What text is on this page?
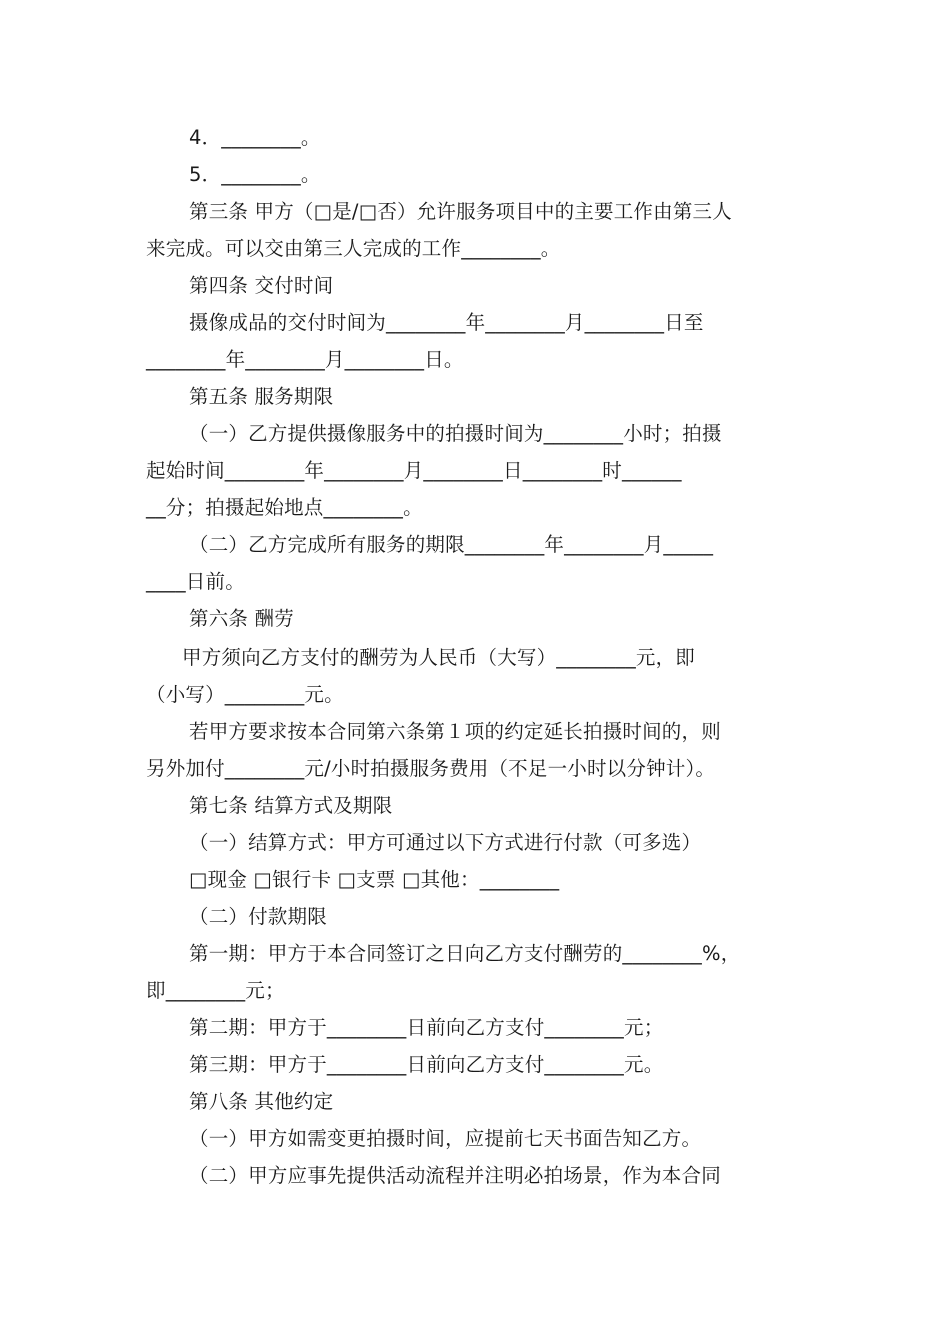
4．________。
5．________。
第三条 甲方（□是/□否）允许服务项目中的主要工作由第三人
来完成。可以交由第三人完成的工作________。
第四条 交付时间
摄像成品的交付时间为________年________月________日至
________年________月________日。
第五条 服务期限
（一）乙方提供摄像服务中的拍摄时间为________小时；拍摄
起始时间________年________月________日________时______
__分；拍摄起始地点________。
（二）乙方完成所有服务的期限________年________月_____
____日前。
第六条 酬劳
甲方须向乙方支付的酬劳为人民币（大写）________元，即
（小写）________元。
若甲方要求按本合同第六条第１项的约定延长拍摄时间的，则
另外加付________元/小时拍摄服务费用（不足一小时以分钟计）。
第七条 结算方式及期限
（一）结算方式：甲方可通过以下方式进行付款（可多选）
□现金 □银行卡 □支票 □其他：________
（二）付款期限
第一期：甲方于本合同签订之日向乙方支付酬劳的________%，
即________元；
第二期：甲方于________日前向乙方支付________元；
第三期：甲方于________日前向乙方支付________元。
第八条 其他约定
（一）甲方如需变更拍摄时间，应提前七天书面告知乙方。
（二）甲方应事先提供活动流程并注明必拍场景，作为本合同
